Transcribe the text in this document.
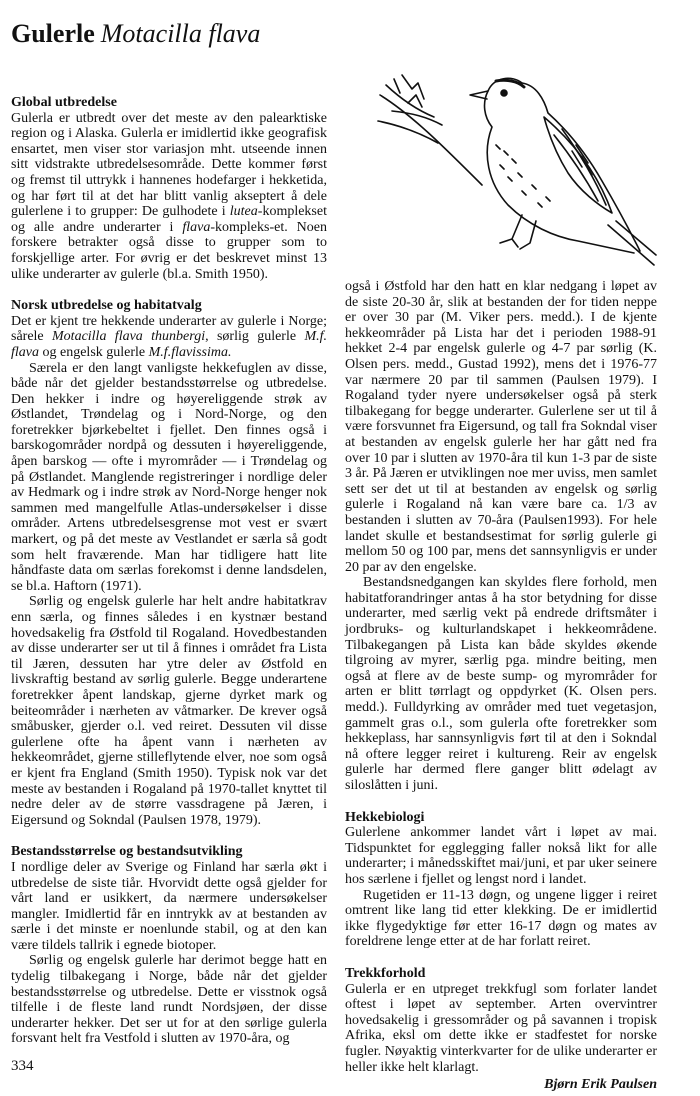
Gulerle Motacilla flava
Global utbredelse

Gulerla er utbredt over det meste av den palearktiske region og i Alaska. Gulerla er imidlertid ikke geografisk ensartet, men viser stor variasjon mht. utseende innen sitt vidstrakte utbredelsesområde. Dette kommer først og fremst til uttrykk i hannenes hodefarger i hekketida, og har ført til at det har blitt vanlig akseptert å dele gulerlene i to grupper: De gulhodete i lutea-komplekset og alle andre underarter i flava-kompleks-et. Noen forskere betrakter også disse to grupper som to forskjellige arter. For øvrig er det beskrevet minst 13 ulike underarter av gulerle (bl.a. Smith 1950).

Norsk utbredelse og habitatvalg

Det er kjent tre hekkende underarter av gulerle i Norge; sårele Motacilla flava thunbergi, sørlig gulerle M.f. flava og engelsk gulerle M.f.flavissima.

Særela er den langt vanligste hekkefuglen av disse, både når det gjelder bestandsstørrelse og utbredelse. Den hekker i indre og høyereliggende strøk av Østlandet, Trøndelag og i Nord-Norge, og den foretrekker bjørkebeltet i fjellet. Den finnes også i barskogområder nordpå og dessuten i høyereliggende, åpen barskog — ofte i myrområder — i Trøndelag og på Østlandet. Manglende registreringer i nordlige deler av Hedmark og i indre strøk av Nord-Norge henger nok sammen med mangelfulle Atlas-undersøkelser i disse områder. Artens utbredelsesgrense mot vest er svært markert, og på det meste av Vestlandet er særla så godt som helt fraværende. Man har tidligere hatt lite håndfaste data om særlas forekomst i denne landsdelen, se bl.a. Haftorn (1971).

Sørlig og engelsk gulerle har helt andre habitatkrav enn særla, og finnes således i en kystnær bestand hovedsakelig fra Østfold til Rogaland. Hovedbestanden av disse underarter ser ut til å finnes i området fra Lista til Jæren, dessuten har ytre deler av Østfold en livskraftig bestand av sørlig gulerle. Begge underartene foretrekker åpent landskap, gjerne dyrket mark og beiteområder i nærheten av våtmarker. De krever også småbusker, gjerder o.l. ved reiret. Dessuten vil disse gulerlene ofte ha åpent vann i nærheten av hekkeområdet, gjerne stilleflytende elver, noe som også er kjent fra England (Smith 1950). Typisk nok var det meste av bestanden i Rogaland på 1970-tallet knyttet til nedre deler av de større vassdragene på Jæren, i Eigersund og Sokndal (Paulsen 1978, 1979).

Bestandsstørrelse og bestandsutvikling

I nordlige deler av Sverige og Finland har særla økt i utbredelse de siste tiår. Hvorvidt dette også gjelder for vårt land er usikkert, da nærmere undersøkelser mangler. Imidlertid får en inntrykk av at bestanden av særle i det minste er noenlunde stabil, og at den kan være tildels tallrik i egnede biotoper.

Sørlig og engelsk gulerle har derimot begge hatt en tydelig tilbakegang i Norge, både når det gjelder bestandsstørrelse og utbredelse. Dette er visstnok også tilfelle i de fleste land rundt Nordsjøen, der disse underarter hekker. Det ser ut for at den sørlige gulerla forsvant helt fra Vestfold i slutten av 1970-åra, og

også i Østfold har den hatt en klar nedgang i løpet av de siste 20-30 år, slik at bestanden der for tiden neppe er over 30 par (M. Viker pers. medd.). I de kjente hekkeområder på Lista har det i perioden 1988-91 hekket 2-4 par engelsk gulerle og 4-7 par sørlig (K. Olsen pers. medd., Gustad 1992), mens det i 1976-77 var nærmere 20 par til sammen (Paulsen 1979). I Rogaland tyder nyere undersøkelser også på sterk tilbakegang for begge underarter. Gulerlene ser ut til å være forsvunnet fra Eigersund, og tall fra Sokndal viser at bestanden av engelsk gulerle her har gått ned fra over 10 par i slutten av 1970-åra til kun 1-3 par de siste 3 år. På Jæren er utviklingen noe mer uviss, men samlet sett ser det ut til at bestanden av engelsk og sørlig gulerle i Rogaland nå kan være bare ca. 1/3 av bestanden i slutten av 70-åra (Paulsen1993). For hele landet skulle et bestandsestimat for sørlig gulerle gi mellom 50 og 100 par, mens det sannsynligvis er under 20 par av den engelske.

Bestandsnedgangen kan skyldes flere forhold, men habitatforandringer antas å ha stor betydning for disse underarter, med særlig vekt på endrede driftsmåter i jordbruks- og kulturlandskapet i hekkeområdene. Tilbakegangen på Lista kan både skyldes økende tilgroing av myrer, særlig pga. mindre beiting, men også at flere av de beste sump- og myrområder for arten er blitt tørrlagt og oppdyrket (K. Olsen pers. medd.). Fulldyrking av områder med tuet vegetasjon, gammelt gras o.l., som gulerla ofte foretrekker som hekkeplass, har sannsynligvis ført til at den i Sokndal nå oftere legger reiret i kultureng. Reir av engelsk gulerle har dermed flere ganger blitt ødelagt av siloslåtten i juni.

Hekkebiologi

Gulerlene ankommer landet vårt i løpet av mai. Tidspunktet for egglegging faller nokså likt for alle underarter; i månedsskiftet mai/juni, et par uker seinere hos særlene i fjellet og lengst nord i landet.

Rugetiden er 11-13 døgn, og ungene ligger i reiret omtrent like lang tid etter klekking. De er imidlertid ikke flygedyktige før etter 16-17 døgn og mates av foreldrene lenge etter at de har forlatt reiret.

Trekkforhold

Gulerla er en utpreget trekkfugl som forlater landet oftest i løpet av september. Arten overvintrer hovedsakelig i gressområder og på savannen i tropisk Afrika, eksl om dette ikke er stadfestet for norske fugler. Nøyaktig vinterkvarter for de ulike underarter er heller ikke helt klarlagt.

Bjørn Erik Paulsen
334
